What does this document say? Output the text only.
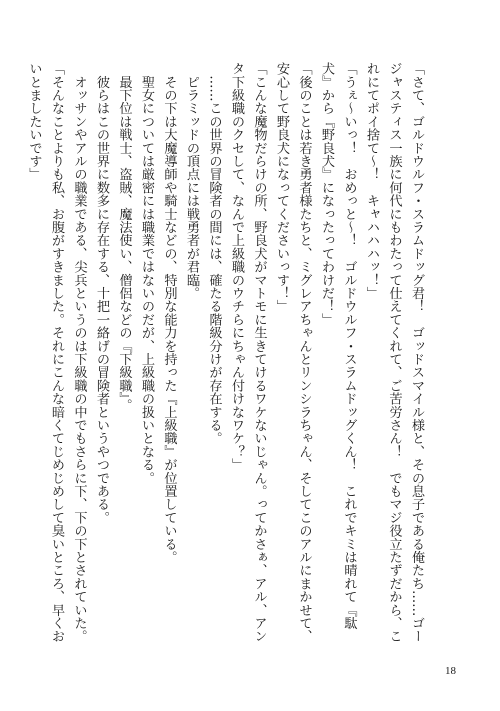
「さて、ゴルドウルフ・スラムドッグ君！　ゴッドスマイル様と、その息子である俺たち……ゴー
ジャスティス一族に何代にもわたって仕えてくれて、ご苦労さん！　でもマジ役立たずだから、こ
れにてポイ捨て～！　キャハハハッ！」
「うぇ～いっ！　おめっと～！　ゴルドウルフ・スラムドッグくん！　これでキミは晴れて『駄
犬』から『野良犬』になったってわけだ！」
「後のことは若き勇者様たちと、ミグレアちゃんとリンシラちゃん、そしてこのアルにまかせて、
安心して野良犬になってくださいっす！」
「こんな魔物だらけの所、野良犬がマトモに生きてけるワケないじゃん。ってかさぁ、アル、アン
タ下級職のクセして、なんで上級職のウチらにちゃん付けなワケ？」
　……この世界の冒険者の間には、確たる階級分けが存在する。
　ピラミッドの頂点には戦勇者が君臨。
　その下は大魔導師や騎士などの、特別な能力を持った『上級職』が位置している。
　聖女については厳密には職業ではないのだが、上級職の扱いとなる。
　最下位は戦士、盗賊、魔法使い、僧侶などの『下級職』。
　彼らはこの世界に数多に存在する、十把一絡げの冒険者というやつである。
　オッサンやアルの職業である、尖兵というのは下級職の中でもさらに下、下の下とされていた。
「そんなことよりも私、お腹がすきました。それにこんな暗くてじめじめして臭いところ、早くお
いとましたいです」
18
